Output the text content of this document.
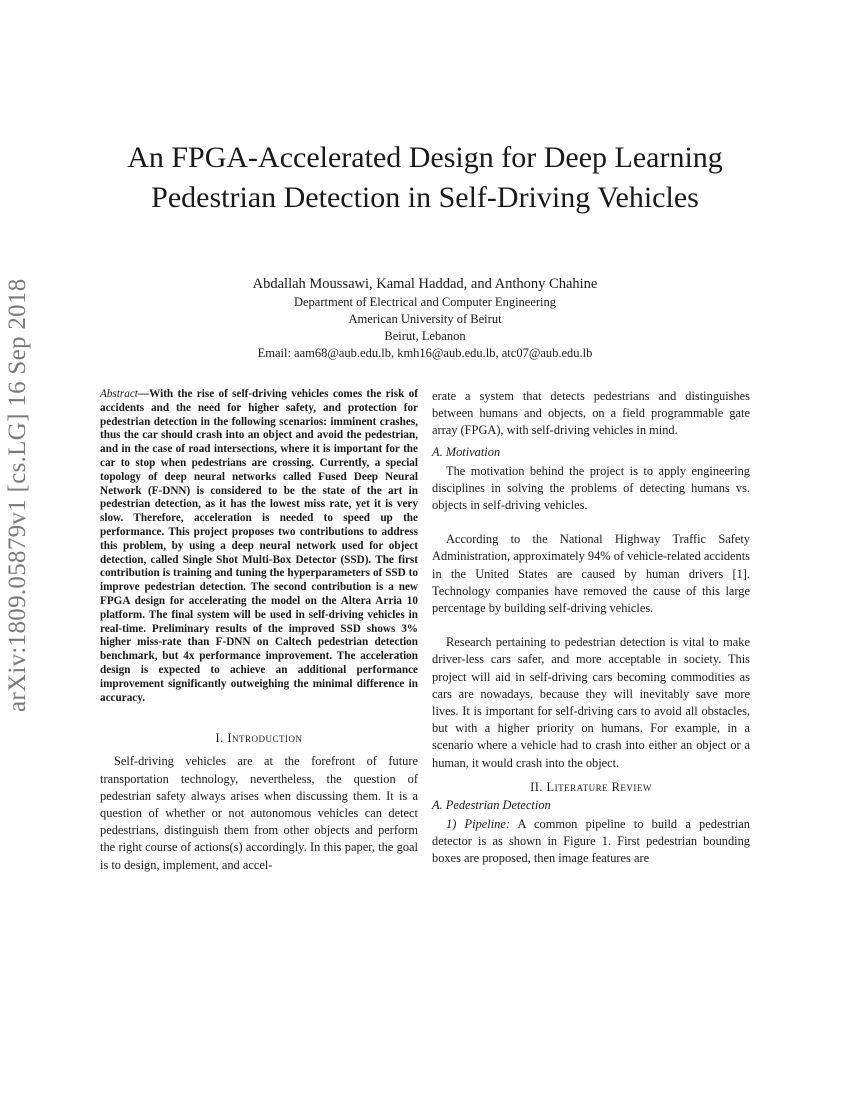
arXiv:1809.05879v1 [cs.LG] 16 Sep 2018
An FPGA-Accelerated Design for Deep Learning Pedestrian Detection in Self-Driving Vehicles
Abdallah Moussawi, Kamal Haddad, and Anthony Chahine
Department of Electrical and Computer Engineering
American University of Beirut
Beirut, Lebanon
Email: aam68@aub.edu.lb, kmh16@aub.edu.lb, atc07@aub.edu.lb

Abstract—With the rise of self-driving vehicles comes the risk of accidents and the need for higher safety, and protection for pedestrian detection in the following scenarios: imminent crashes, thus the car should crash into an object and avoid the pedestrian, and in the case of road intersections, where it is important for the car to stop when pedestrians are crossing. Currently, a special topology of deep neural networks called Fused Deep Neural Network (F-DNN) is considered to be the state of the art in pedestrian detection, as it has the lowest miss rate, yet it is very slow. Therefore, acceleration is needed to speed up the performance. This project proposes two contributions to address this problem, by using a deep neural network used for object detection, called Single Shot Multi-Box Detector (SSD). The first contribution is training and tuning the hyperparameters of SSD to improve pedestrian detection. The second contribution is a new FPGA design for accelerating the model on the Altera Arria 10 platform. The final system will be used in self-driving vehicles in real-time. Preliminary results of the improved SSD shows 3% higher miss-rate than F-DNN on Caltech pedestrian detection benchmark, but 4x performance improvement. The acceleration design is expected to achieve an additional performance improvement significantly outweighing the minimal difference in accuracy.

I. Introduction

Self-driving vehicles are at the forefront of future transportation technology, nevertheless, the question of pedestrian safety always arises when discussing them. It is a question of whether or not autonomous vehicles can detect pedestrians, distinguish them from other objects and perform the right course of actions(s) accordingly. In this paper, the goal is to design, implement, and accel-

erate a system that detects pedestrians and distinguishes between humans and objects, on a field programmable gate array (FPGA), with self-driving vehicles in mind.

A. Motivation

The motivation behind the project is to apply engineering disciplines in solving the problems of detecting humans vs. objects in self-driving vehicles.

According to the National Highway Traffic Safety Administration, approximately 94% of vehicle-related accidents in the United States are caused by human drivers [1]. Technology companies have removed the cause of this large percentage by building self-driving vehicles.

Research pertaining to pedestrian detection is vital to make driver-less cars safer, and more acceptable in society. This project will aid in self-driving cars becoming commodities as cars are nowadays, because they will inevitably save more lives. It is important for self-driving cars to avoid all obstacles, but with a higher priority on humans. For example, in a scenario where a vehicle had to crash into either an object or a human, it would crash into the object.

II. Literature Review
A. Pedestrian Detection

1) Pipeline: A common pipeline to build a pedestrian detector is as shown in Figure 1. First pedestrian bounding boxes are proposed, then image features are
